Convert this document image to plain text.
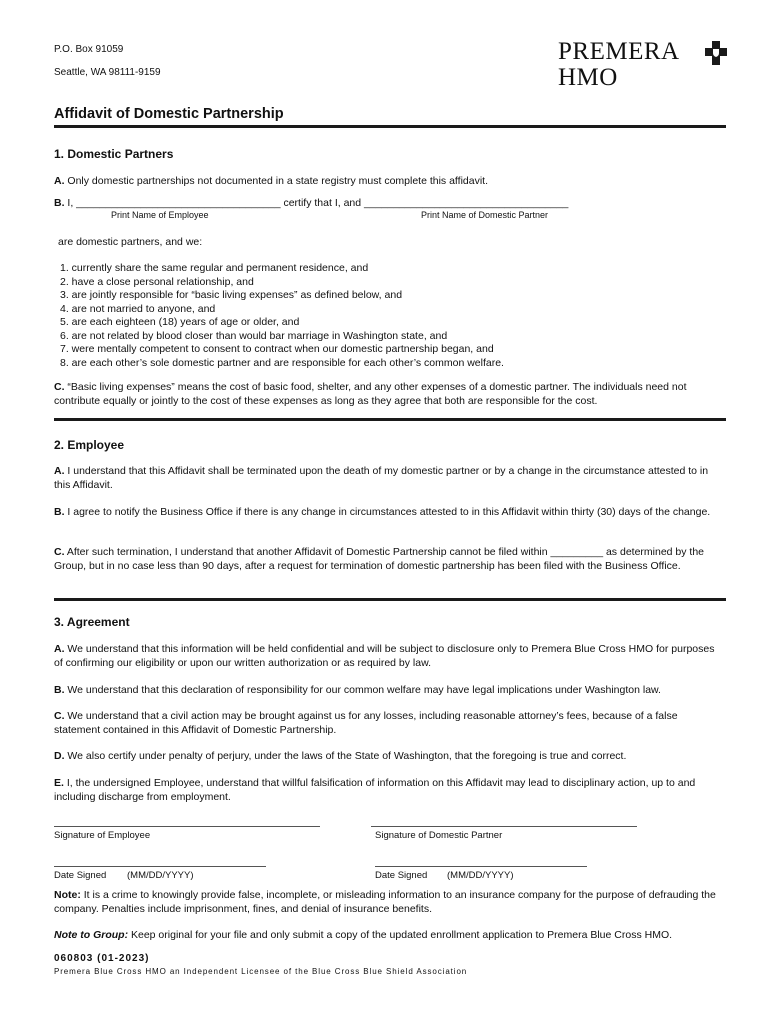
P.O. Box 91059
Seattle, WA 98111-9159
PREMERA
HMO
Affidavit of Domestic Partnership
1. Domestic Partners
A. Only domestic partnerships not documented in a state registry must complete this affidavit.
B. I, ___________________________________ certify that I, and ___________________________________
Print Name of Employee	Print Name of Domestic Partner
are domestic partners, and we:
1. currently share the same regular and permanent residence, and
2. have a close personal relationship, and
3. are jointly responsible for “basic living expenses” as defined below, and
4. are not married to anyone, and
5. are each eighteen (18) years of age or older, and
6. are not related by blood closer than would bar marriage in Washington state, and
7. were mentally competent to consent to contract when our domestic partnership began, and
8. are each other’s sole domestic partner and are responsible for each other’s common welfare.
C. “Basic living expenses” means the cost of basic food, shelter, and any other expenses of a domestic partner. The individuals need not contribute equally or jointly to the cost of these expenses as long as they agree that both are responsible for the cost.
2. Employee
A. I understand that this Affidavit shall be terminated upon the death of my domestic partner or by a change in the circumstance attested to in this Affidavit.
B. I agree to notify the Business Office if there is any change in circumstances attested to in this Affidavit within thirty (30) days of the change.
C. After such termination, I understand that another Affidavit of Domestic Partnership cannot be filed within _________ as determined by the Group, but in no case less than 90 days, after a request for termination of domestic partnership has been filed with the Business Office.
3. Agreement
A. We understand that this information will be held confidential and will be subject to disclosure only to Premera Blue Cross HMO for purposes of confirming our eligibility or upon our written authorization or as required by law.
B. We understand that this declaration of responsibility for our common welfare may have legal implications under Washington law.
C. We understand that a civil action may be brought against us for any losses, including reasonable attorney’s fees, because of a false statement contained in this Affidavit of Domestic Partnership.
D. We also certify under penalty of perjury, under the laws of the State of Washington, that the foregoing is true and correct.
E. I, the undersigned Employee, understand that willful falsification of information on this Affidavit may lead to disciplinary action, up to and including discharge from employment.
Signature of Employee	Signature of Domestic Partner
Date Signed (MM/DD/YYYY)	Date Signed (MM/DD/YYYY)
Note: It is a crime to knowingly provide false, incomplete, or misleading information to an insurance company for the purpose of defrauding the company. Penalties include imprisonment, fines, and denial of insurance benefits.
Note to Group: Keep original for your file and only submit a copy of the updated enrollment application to Premera Blue Cross HMO.
060803 (01-2023)
Premera Blue Cross HMO an Independent Licensee of the Blue Cross Blue Shield Association
